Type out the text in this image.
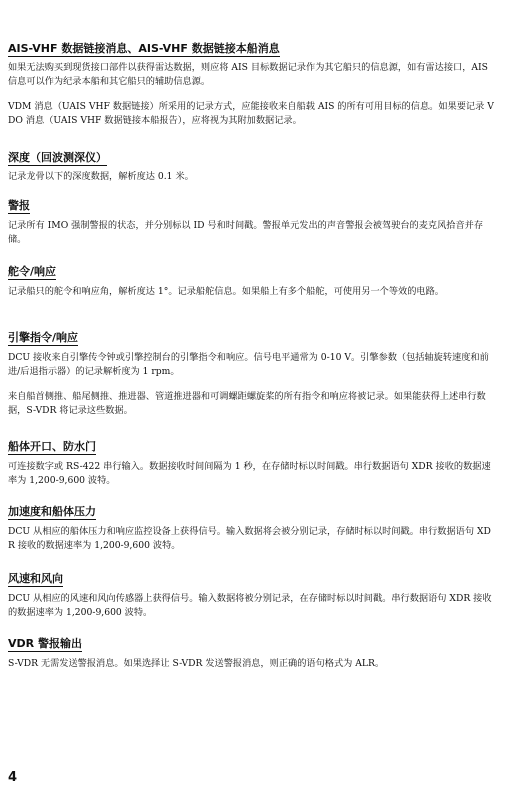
AIS-VHF 数据链接消息、AIS-VHF 数据链接本船消息

如果无法购买到现货接口部件以获得雷达数据，则应将 AIS 目标数据记录作为其它船只的信息源，如有雷达接口，AIS 信息可以作为纪录本船和其它船只的辅助信息源。

VDM 消息（UAIS VHF 数据链接）所采用的记录方式，应能接收来自船载 AIS 的所有可用目标的信息。如果要记录 VDO 消息（UAIS VHF 数据链接本船报告），应将视为其附加数据记录。

深度（回波测深仪）

记录龙骨以下的深度数据，解析度达 0.1 米。

警报

记录所有 IMO 强制警报的状态，并分别标以 ID 号和时间戳。警报单元发出的声音警报会被驾驶台的麦克风拾音并存储。

舵令/响应

记录船只的舵令和响应角，解析度达 1°。记录船舵信息。如果船上有多个船舵，可使用另一个等效的电路。

引擎指令/响应

DCU 接收来自引擎传令钟或引擎控制台的引擎指令和响应。信号电平通常为 0-10 V。引擎参数（包括轴旋转速度和前进/后退指示器）的记录解析度为 1 rpm。

来自船首侧推、船尾侧推、推进器、管道推进器和可调螺距螺旋桨的所有指令和响应将被记录。如果能获得上述串行数据，S-VDR 将记录这些数据。

船体开口、防水门

可连接数字或 RS-422 串行输入。数据接收时间间隔为 1 秒，在存储时标以时间戳。串行数据语句 XDR 接收的数据速率为 1,200-9,600 波特。

加速度和船体压力

DCU 从相应的船体压力和响应监控设备上获得信号。输入数据将会被分别记录，存储时标以时间戳。串行数据语句 XDR 接收的数据速率为 1,200-9,600 波特。

风速和风向

DCU 从相应的风速和风向传感器上获得信号。输入数据将被分别记录，在存储时标以时间戳。串行数据语句 XDR 接收的数据速率为 1,200-9,600 波特。

VDR 警报输出

S-VDR 无需发送警报消息。如果选择让 S-VDR 发送警报消息，则正确的语句格式为 ALR。

4
